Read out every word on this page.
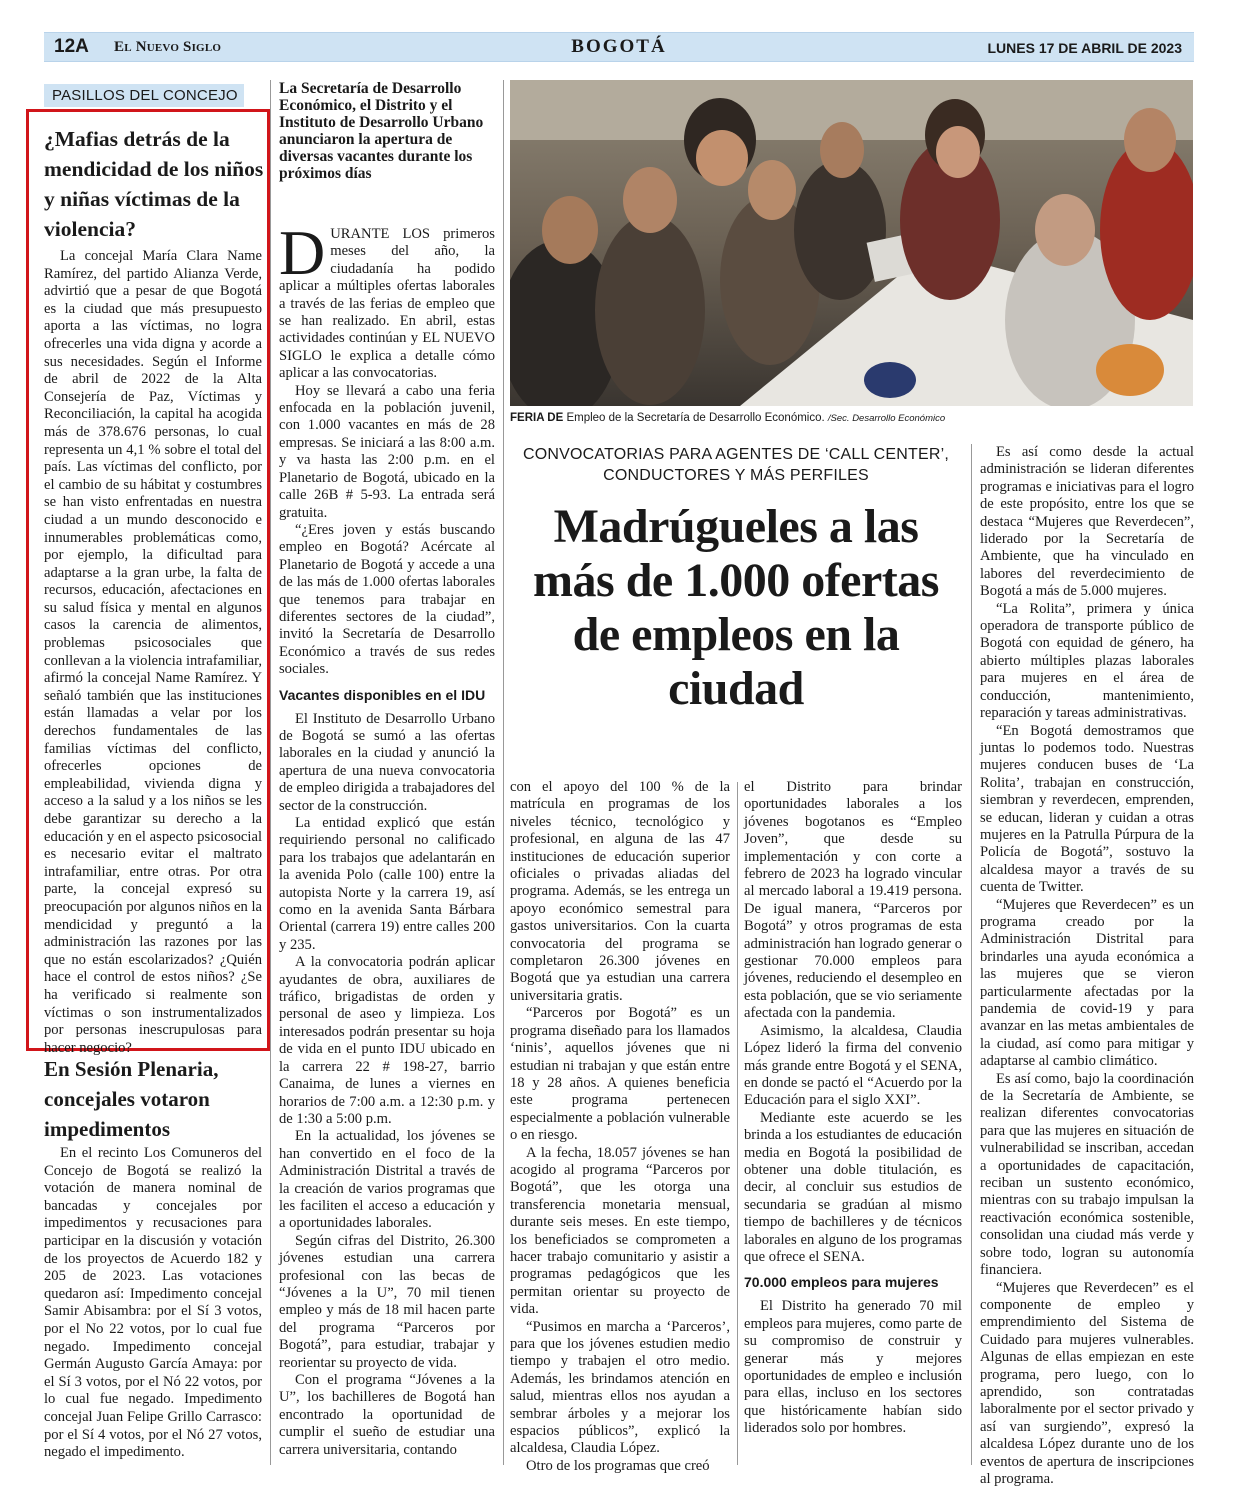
12A El Nuevo Siglo	BOGOTÁ	LUNES 17 DE ABRIL DE 2023
PASILLOS DEL CONCEJO
¿Mafias detrás de la mendicidad de los niños y niñas víctimas de la violencia?

La concejal María Clara Name Ramírez, del partido Alianza Verde, advirtió que a pesar de que Bogotá es la ciudad que más presupuesto aporta a las víctimas, no logra ofrecerles una vida digna y acorde a sus necesidades. Según el Informe de abril de 2022 de la Alta Consejería de Paz, Víctimas y Reconciliación, la capital ha acogida más de 378.676 personas, lo cual representa un 4,1 % sobre el total del país. Las víctimas del conflicto, por el cambio de su hábitat y costumbres se han visto enfrentadas en nuestra ciudad a un mundo desconocido e innumerables problemáticas como, por ejemplo, la dificultad para adaptarse a la gran urbe, la falta de recursos, educación, afectaciones en su salud física y mental en algunos casos la carencia de alimentos, problemas psicosociales que conllevan a la violencia intrafamiliar, afirmó la concejal Name Ramírez. Y señaló también que las instituciones están llamadas a velar por los derechos fundamentales de las familias víctimas del conflicto, ofrecerles opciones de empleabilidad, vivienda digna y acceso a la salud y a los niños se les debe garantizar su derecho a la educación y en el aspecto psicosocial es necesario evitar el maltrato intrafamiliar, entre otras. Por otra parte, la concejal expresó su preocupación por algunos niños en la mendicidad y preguntó a la administración las razones por las que no están escolarizados? ¿Quién hace el control de estos niños? ¿Se ha verificado si realmente son víctimas o son instrumentalizados por personas inescrupulosas para hacer negocio?

En Sesión Plenaria, concejales votaron impedimentos

En el recinto Los Comuneros del Concejo de Bogotá se realizó la votación de manera nominal de bancadas y concejales por impedimentos y recusaciones para participar en la discusión y votación de los proyectos de Acuerdo 182 y 205 de 2023. Las votaciones quedaron así: Impedimento concejal Samir Abisambra: por el Sí 3 votos, por el No 22 votos, por lo cual fue negado. Impedimento concejal Germán Augusto García Amaya: por el Sí 3 votos, por el Nó 22 votos, por lo cual fue negado. Impedimento concejal Juan Felipe Grillo Carrasco: por el Sí 4 votos, por el Nó 27 votos, negado el impedimento.

La Secretaría de Desarrollo Económico, el Distrito y el Instituto de Desarrollo Urbano anunciaron la apertura de diversas vacantes durante los próximos días

DURANTE LOS primeros meses del año, la ciudadanía ha podido aplicar a múltiples ofertas laborales a través de las ferias de empleo que se han realizado. En abril, estas actividades continúan y EL NUEVO SIGLO le explica a detalle cómo aplicar a las convocatorias.

Hoy se llevará a cabo una feria enfocada en la población juvenil, con 1.000 vacantes en más de 28 empresas. Se iniciará a las 8:00 a.m. y va hasta las 2:00 p.m. en el Planetario de Bogotá, ubicado en la calle 26B # 5-93. La entrada será gratuita.

“¿Eres joven y estás buscando empleo en Bogotá? Acércate al Planetario de Bogotá y accede a una de las más de 1.000 ofertas laborales que tenemos para trabajar en diferentes sectores de la ciudad”, invitó la Secretaría de Desarrollo Económico a través de sus redes sociales.

Vacantes disponibles en el IDU

El Instituto de Desarrollo Urbano de Bogotá se sumó a las ofertas laborales en la ciudad y anunció la apertura de una nueva convocatoria de empleo dirigida a trabajadores del sector de la construcción.

La entidad explicó que están requiriendo personal no calificado para los trabajos que adelantarán en la avenida Polo (calle 100) entre la autopista Norte y la carrera 19, así como en la avenida Santa Bárbara Oriental (carrera 19) entre calles 200 y 235.

A la convocatoria podrán aplicar ayudantes de obra, auxiliares de tráfico, brigadistas de orden y personal de aseo y limpieza. Los interesados podrán presentar su hoja de vida en el punto IDU ubicado en la carrera 22 # 198-27, barrio Canaima, de lunes a viernes en horarios de 7:00 a.m. a 12:30 p.m. y de 1:30 a 5:00 p.m.

En la actualidad, los jóvenes se han convertido en el foco de la Administración Distrital a través de la creación de varios programas que les faciliten el acceso a educación y a oportunidades laborales.

Según cifras del Distrito, 26.300 jóvenes estudian una carrera profesional con las becas de “Jóvenes a la U”, 70 mil tienen empleo y más de 18 mil hacen parte del programa “Parceros por Bogotá”, para estudiar, trabajar y reorientar su proyecto de vida.

Con el programa “Jóvenes a la U”, los bachilleres de Bogotá han encontrado la oportunidad de cumplir el sueño de estudiar una carrera universitaria, contando

FERIA DE Empleo de la Secretaría de Desarrollo Económico. /Sec. Desarrollo Económico

CONVOCATORIAS PARA AGENTES DE ‘CALL CENTER’, CONDUCTORES Y MÁS PERFILES

Madrúgueles a las más de 1.000 ofertas de empleos en la ciudad

con el apoyo del 100 % de la matrícula en programas de los niveles técnico, tecnológico y profesional, en alguna de las 47 instituciones de educación superior oficiales o privadas aliadas del programa. Además, se les entrega un apoyo económico semestral para gastos universitarios. Con la cuarta convocatoria del programa se completaron 26.300 jóvenes en Bogotá que ya estudian una carrera universitaria gratis.

“Parceros por Bogotá” es un programa diseñado para los llamados ‘ninis’, aquellos jóvenes que ni estudian ni trabajan y que están entre 18 y 28 años. A quienes beneficia este programa pertenecen especialmente a población vulnerable o en riesgo.

A la fecha, 18.057 jóvenes se han acogido al programa “Parceros por Bogotá”, que les otorga una transferencia monetaria mensual, durante seis meses. En este tiempo, los beneficiados se comprometen a hacer trabajo comunitario y asistir a programas pedagógicos que les permitan orientar su proyecto de vida.

“Pusimos en marcha a ‘Parceros’, para que los jóvenes estudien medio tiempo y trabajen el otro medio. Además, les brindamos atención en salud, mientras ellos nos ayudan a sembrar árboles y a mejorar los espacios públicos”, explicó la alcaldesa, Claudia López.

Otro de los programas que creó

el Distrito para brindar oportunidades laborales a los jóvenes bogotanos es “Empleo Joven”, que desde su implementación y con corte a febrero de 2023 ha logrado vincular al mercado laboral a 19.419 persona. De igual manera, “Parceros por Bogotá” y otros programas de esta administración han logrado generar o gestionar 70.000 empleos para jóvenes, reduciendo el desempleo en esta población, que se vio seriamente afectada con la pandemia.

Asimismo, la alcaldesa, Claudia López lideró la firma del convenio más grande entre Bogotá y el SENA, en donde se pactó el “Acuerdo por la Educación para el siglo XXI”.

Mediante este acuerdo se les brinda a los estudiantes de educación media en Bogotá la posibilidad de obtener una doble titulación, es decir, al concluir sus estudios de secundaria se gradúan al mismo tiempo de bachilleres y de técnicos laborales en alguno de los programas que ofrece el SENA.

70.000 empleos para mujeres

El Distrito ha generado 70 mil empleos para mujeres, como parte de su compromiso de construir y generar más y mejores oportunidades de empleo e inclusión para ellas, incluso en los sectores que históricamente habían sido liderados solo por hombres.

Es así como desde la actual administración se lideran diferentes programas e iniciativas para el logro de este propósito, entre los que se destaca “Mujeres que Reverdecen”, liderado por la Secretaría de Ambiente, que ha vinculado en labores del reverdecimiento de Bogotá a más de 5.000 mujeres.

“La Rolita”, primera y única operadora de transporte público de Bogotá con equidad de género, ha abierto múltiples plazas laborales para mujeres en el área de conducción, mantenimiento, reparación y tareas administrativas.

“En Bogotá demostramos que juntas lo podemos todo. Nuestras mujeres conducen buses de ‘La Rolita’, trabajan en construcción, siembran y reverdecen, emprenden, se educan, lideran y cuidan a otras mujeres en la Patrulla Púrpura de la Policía de Bogotá”, sostuvo la alcaldesa mayor a través de su cuenta de Twitter.

“Mujeres que Reverdecen” es un programa creado por la Administración Distrital para brindarles una ayuda económica a las mujeres que se vieron particularmente afectadas por la pandemia de covid-19 y para avanzar en las metas ambientales de la ciudad, así como para mitigar y adaptarse al cambio climático.

Es así como, bajo la coordinación de la Secretaría de Ambiente, se realizan diferentes convocatorias para que las mujeres en situación de vulnerabilidad se inscriban, accedan a oportunidades de capacitación, reciban un sustento económico, mientras con su trabajo impulsan la reactivación económica sostenible, consolidan una ciudad más verde y sobre todo, logran su autonomía financiera.

“Mujeres que Reverdecen” es el componente de empleo y emprendimiento del Sistema de Cuidado para mujeres vulnerables. Algunas de ellas empiezan en este programa, pero luego, con lo aprendido, son contratadas laboralmente por el sector privado y así van surgiendo”, expresó la alcaldesa López durante uno de los eventos de apertura de inscripciones al programa.
